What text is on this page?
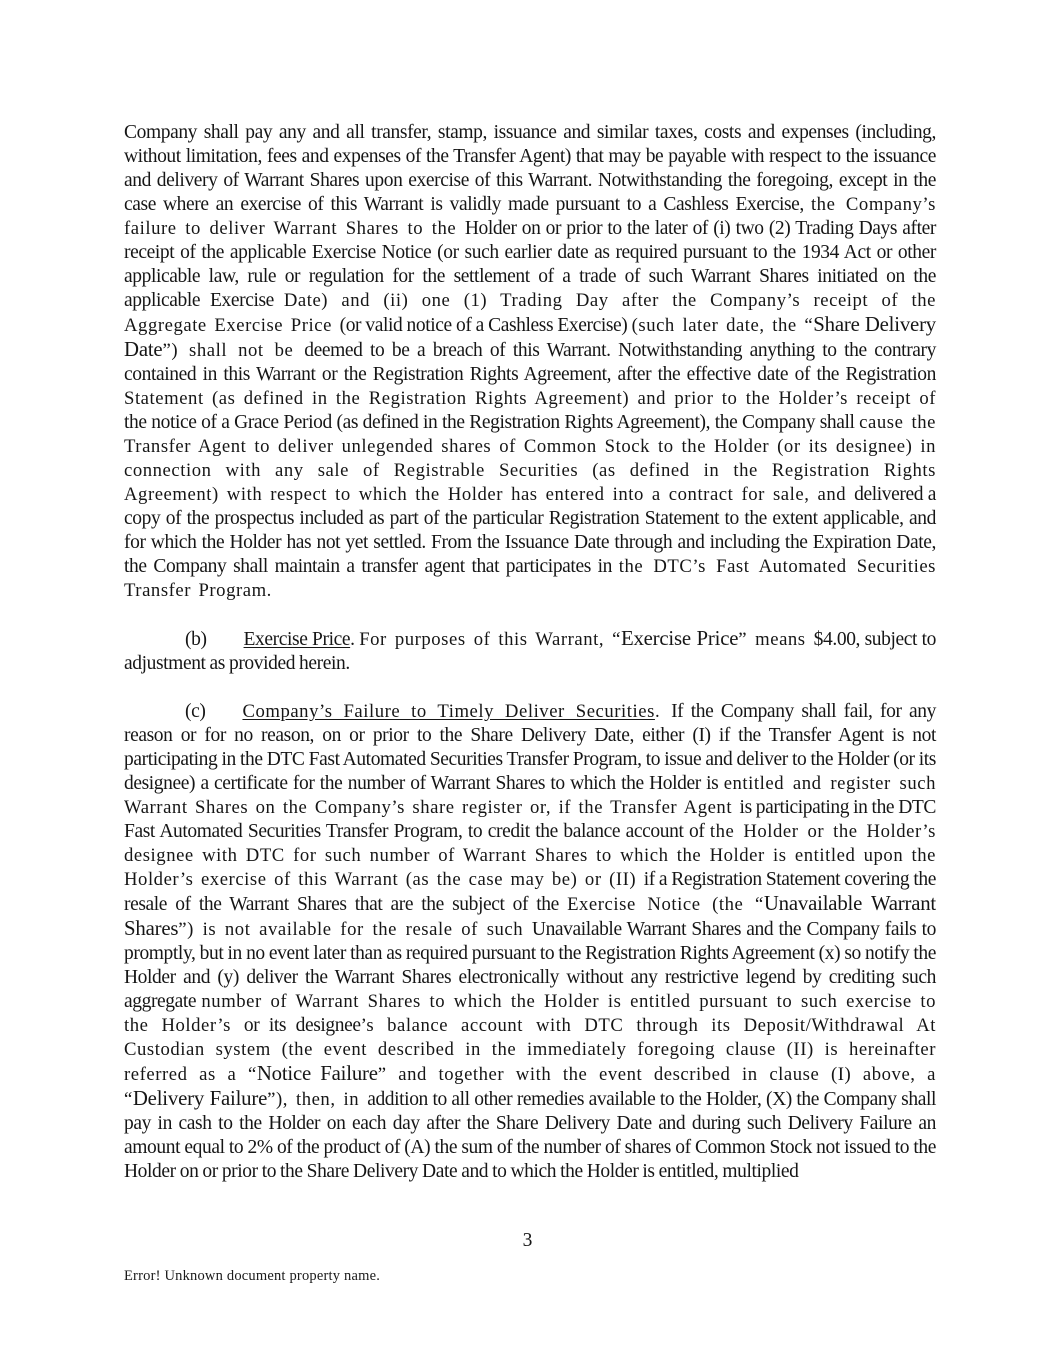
Company shall pay any and all transfer, stamp, issuance and similar taxes, costs and expenses (including, without limitation, fees and expenses of the Transfer Agent) that may be payable with respect to the issuance and delivery of Warrant Shares upon exercise of this Warrant. Notwithstanding the foregoing, except in the case where an exercise of this Warrant is validly made pursuant to a Cashless Exercise, the Company’s failure to deliver Warrant Shares to the Holder on or prior to the later of (i) two (2) Trading Days after receipt of the applicable Exercise Notice (or such earlier date as required pursuant to the 1934 Act or other applicable law, rule or regulation for the settlement of a trade of such Warrant Shares initiated on the applicable Exercise Date) and (ii) one (1) Trading Day after the Company’s receipt of the Aggregate Exercise Price (or valid notice of a Cashless Exercise) (such later date, the “Share Delivery Date”) shall not be deemed to be a breach of this Warrant. Notwithstanding anything to the contrary contained in this Warrant or the Registration Rights Agreement, after the effective date of the Registration Statement (as defined in the Registration Rights Agreement) and prior to the Holder’s receipt of the notice of a Grace Period (as defined in the Registration Rights Agreement), the Company shall cause the Transfer Agent to deliver unlegended shares of Common Stock to the Holder (or its designee) in connection with any sale of Registrable Securities (as defined in the Registration Rights Agreement) with respect to which the Holder has entered into a contract for sale, and delivered a copy of the prospectus included as part of the particular Registration Statement to the extent applicable, and for which the Holder has not yet settled. From the Issuance Date through and including the Expiration Date, the Company shall maintain a transfer agent that participates in the DTC’s Fast Automated Securities Transfer Program.

(b) Exercise Price. For purposes of this Warrant, “Exercise Price” means $4.00, subject to adjustment as provided herein.

(c) Company’s Failure to Timely Deliver Securities. If the Company shall fail, for any reason or for no reason, on or prior to the Share Delivery Date, either (I) if the Transfer Agent is not participating in the DTC Fast Automated Securities Transfer Program, to issue and deliver to the Holder (or its designee) a certificate for the number of Warrant Shares to which the Holder is entitled and register such Warrant Shares on the Company’s share register or, if the Transfer Agent is participating in the DTC Fast Automated Securities Transfer Program, to credit the balance account of the Holder or the Holder’s designee with DTC for such number of Warrant Shares to which the Holder is entitled upon the Holder’s exercise of this Warrant (as the case may be) or (II) if a Registration Statement covering the resale of the Warrant Shares that are the subject of the Exercise Notice (the “Unavailable Warrant Shares”) is not available for the resale of such Unavailable Warrant Shares and the Company fails to promptly, but in no event later than as required pursuant to the Registration Rights Agreement (x) so notify the Holder and (y) deliver the Warrant Shares electronically without any restrictive legend by crediting such aggregate number of Warrant Shares to which the Holder is entitled pursuant to such exercise to the Holder’s or its designee’s balance account with DTC through its Deposit/Withdrawal At Custodian system (the event described in the immediately foregoing clause (II) is hereinafter referred as a “Notice Failure” and together with the event described in clause (I) above, a “Delivery Failure”), then, in addition to all other remedies available to the Holder, (X) the Company shall pay in cash to the Holder on each day after the Share Delivery Date and during such Delivery Failure an amount equal to 2% of the product of (A) the sum of the number of shares of Common Stock not issued to the Holder on or prior to the Share Delivery Date and to which the Holder is entitled, multiplied

3
Error! Unknown document property name.
